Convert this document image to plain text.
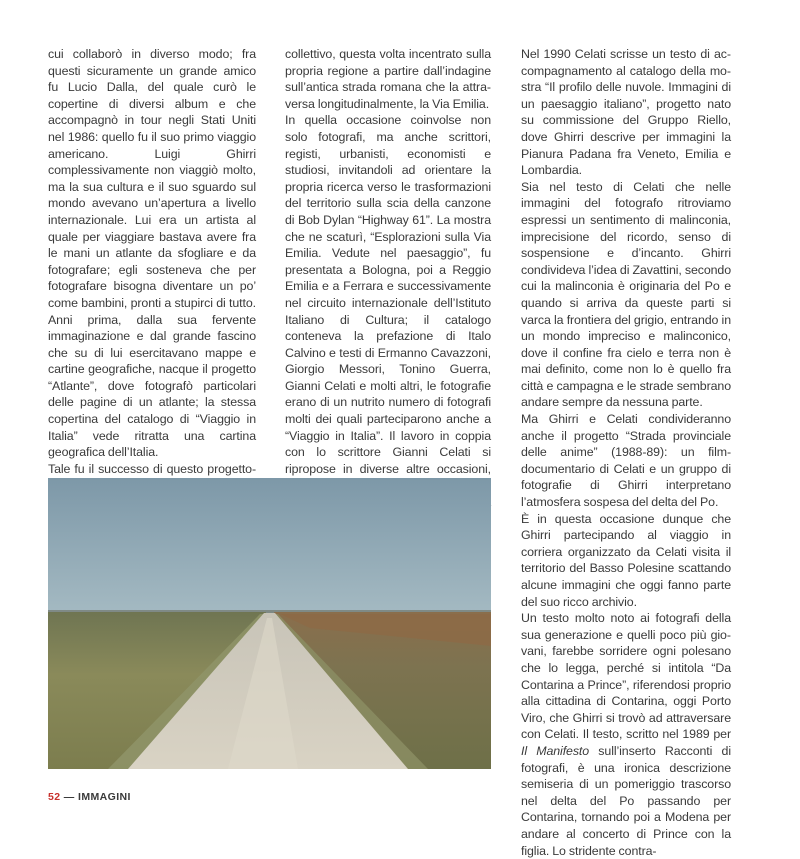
cui collaborò in diverso modo; fra questi sicuramente un grande amico fu Lucio Dalla, del quale curò le copertine di diversi album e che accompagnò in tour negli Stati Uniti nel 1986: quello fu il suo primo viaggio americano. Luigi Ghirri complessivamente non viaggiò molto, ma la sua cultura e il suo sguardo sul mondo avevano un’apertura a livello internazionale. Lui era un artista al quale per viaggiare bastava avere fra le mani un atlante da sfogliare e da fotografare; egli sosteneva che per fotografare bisogna diventare un po’ come bambini, pronti a stupirci di tutto. Anni prima, dalla sua fervente immaginazione e dal grande fascino che su di lui esercitavano mappe e cartine geografiche, nacque il progetto “Atlante”, dove fotografò particolari delle pagine di un atlante; la stessa copertina del catalogo di “Viaggio in Italia” vede ritratta una cartina geografica dell’Italia.

Tale fu il successo di questo progetto-

collettivo, questa volta incentrato sulla propria regione a partire dall’indagine sull’antica strada romana che la attraversa longitudinalmente, la Via Emilia.

In quella occasione coinvolse non solo fotografi, ma anche scrittori, registi, urbanisti, economisti e studiosi, invitandoli ad orientare la propria ricerca verso le trasformazioni del territorio sulla scia della canzone di Bob Dylan “Highway 61”. La mostra che ne scaturì, “Esplorazioni sulla Via Emilia. Vedute nel paesaggio”, fu presentata a Bologna, poi a Reggio Emilia e a Ferrara e successivamente nel circuito internazionale dell’Istituto Italiano di Cultura; il catalogo conteneva la prefazione di Italo Calvino e testi di Ermanno Cavazzoni, Giorgio Messori, Tonino Guerra, Gianni Celati e molti altri, le fotografie erano di un nutrito numero di fotografi molti dei quali parteciparono anche a “Viaggio in Italia”. Il lavoro in coppia con lo scrittore Gianni Celati si ripropose in diverse altre occasioni,

Nel 1990 Celati scrisse un testo di accompagnamento al catalogo della mostra “Il profilo delle nuvole. Immagini di un paesaggio italiano”, progetto nato su commissione del Gruppo Riello, dove Ghirri descrive per immagini la Pianura Padana fra Veneto, Emilia e Lombardia.

Sia nel testo di Celati che nelle immagini del fotografo ritroviamo espressi un sentimento di malinconia, imprecisione del ricordo, senso di sospensione e d’incanto. Ghirri condivideva l’idea di Zavattini, secondo cui la malinconia è originaria del Po e quando si arriva da queste parti si varca la frontiera del grigio, entrando in un mondo impreciso e malinconico, dove il confine fra cielo e terra non è mai definito, come non lo è quello fra città e campagna e le strade sembrano andare sempre da nessuna parte.

Ma Ghirri e Celati condivideranno anche il progetto “Strada provinciale delle anime” (1988-89): un film-documentario di Celati e un gruppo di fotografie di Ghirri interpretano l’atmosfera sospesa del delta del Po.

È in questa occasione dunque che Ghirri partecipando al viaggio in corriera organizzato da Celati visita il territorio del Basso Polesine scattando alcune immagini che oggi fanno parte del suo ricco archivio.

Un testo molto noto ai fotografi della sua generazione e quelli poco più giovani, farebbe sorridere ogni polesano che lo legga, perché si intitola “Da Contarina a Prince”, riferendosi proprio alla cittadina di Contarina, oggi Porto Viro, che Ghirri si trovò ad attraversare con Celati. Il testo, scritto nel 1989 per Il Manifesto sull’inserto Racconti di fotografi, è una ironica descrizione semiseria di un pomeriggio trascorso nel delta del Po passando per Contarina, tornando poi a Modena per andare al concerto di Prince con la figlia. Lo stridente contra-

52 — IMMAGINI
